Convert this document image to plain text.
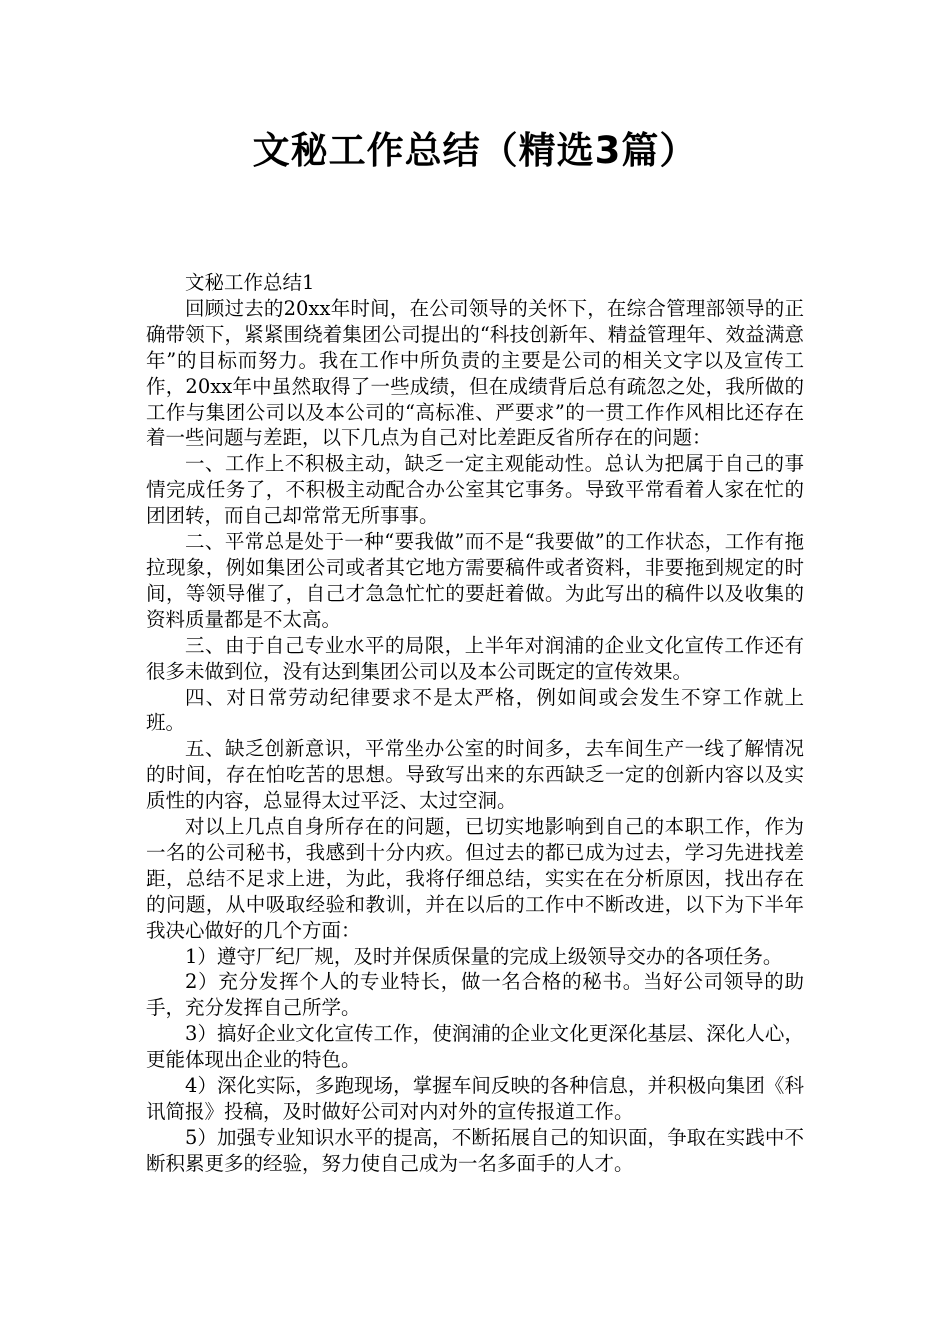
文秘工作总结（精选3篇）

文秘工作总结1

回顾过去的20xx年时间，在公司领导的关怀下，在综合管理部领导的正确带领下，紧紧围绕着集团公司提出的“科技创新年、精益管理年、效益满意年”的目标而努力。我在工作中所负责的主要是公司的相关文字以及宣传工作，20xx年中虽然取得了一些成绩，但在成绩背后总有疏忽之处，我所做的工作与集团公司以及本公司的“高标准、严要求”的一贯工作作风相比还存在着一些问题与差距，以下几点为自己对比差距反省所存在的问题：

一、工作上不积极主动，缺乏一定主观能动性。总认为把属于自己的事情完成任务了，不积极主动配合办公室其它事务。导致平常看着人家在忙的团团转，而自己却常常无所事事。

二、平常总是处于一种“要我做”而不是“我要做”的工作状态，工作有拖拉现象，例如集团公司或者其它地方需要稿件或者资料，非要拖到规定的时间，等领导催了，自己才急急忙忙的要赶着做。为此写出的稿件以及收集的资料质量都是不太高。

三、由于自己专业水平的局限，上半年对润浦的企业文化宣传工作还有很多未做到位，没有达到集团公司以及本公司既定的宣传效果。

四、对日常劳动纪律要求不是太严格，例如间或会发生不穿工作就上班。

五、缺乏创新意识，平常坐办公室的时间多，去车间生产一线了解情况的时间，存在怕吃苦的思想。导致写出来的东西缺乏一定的创新内容以及实质性的内容，总显得太过平泛、太过空洞。

对以上几点自身所存在的问题，已切实地影响到自己的本职工作，作为一名的公司秘书，我感到十分内疚。但过去的都已成为过去，学习先进找差距，总结不足求上进，为此，我将仔细总结，实实在在分析原因，找出存在的问题，从中吸取经验和教训，并在以后的工作中不断改进，以下为下半年我决心做好的几个方面：

1）遵守厂纪厂规，及时并保质保量的完成上级领导交办的各项任务。

2）充分发挥个人的专业特长，做一名合格的秘书。当好公司领导的助手，充分发挥自己所学。

3）搞好企业文化宣传工作，使润浦的企业文化更深化基层、深化人心，更能体现出企业的特色。

4）深化实际，多跑现场，掌握车间反映的各种信息，并积极向集团《科讯简报》投稿，及时做好公司对内对外的宣传报道工作。

5）加强专业知识水平的提高，不断拓展自己的知识面，争取在实践中不断积累更多的经验，努力使自己成为一名多面手的人才。
